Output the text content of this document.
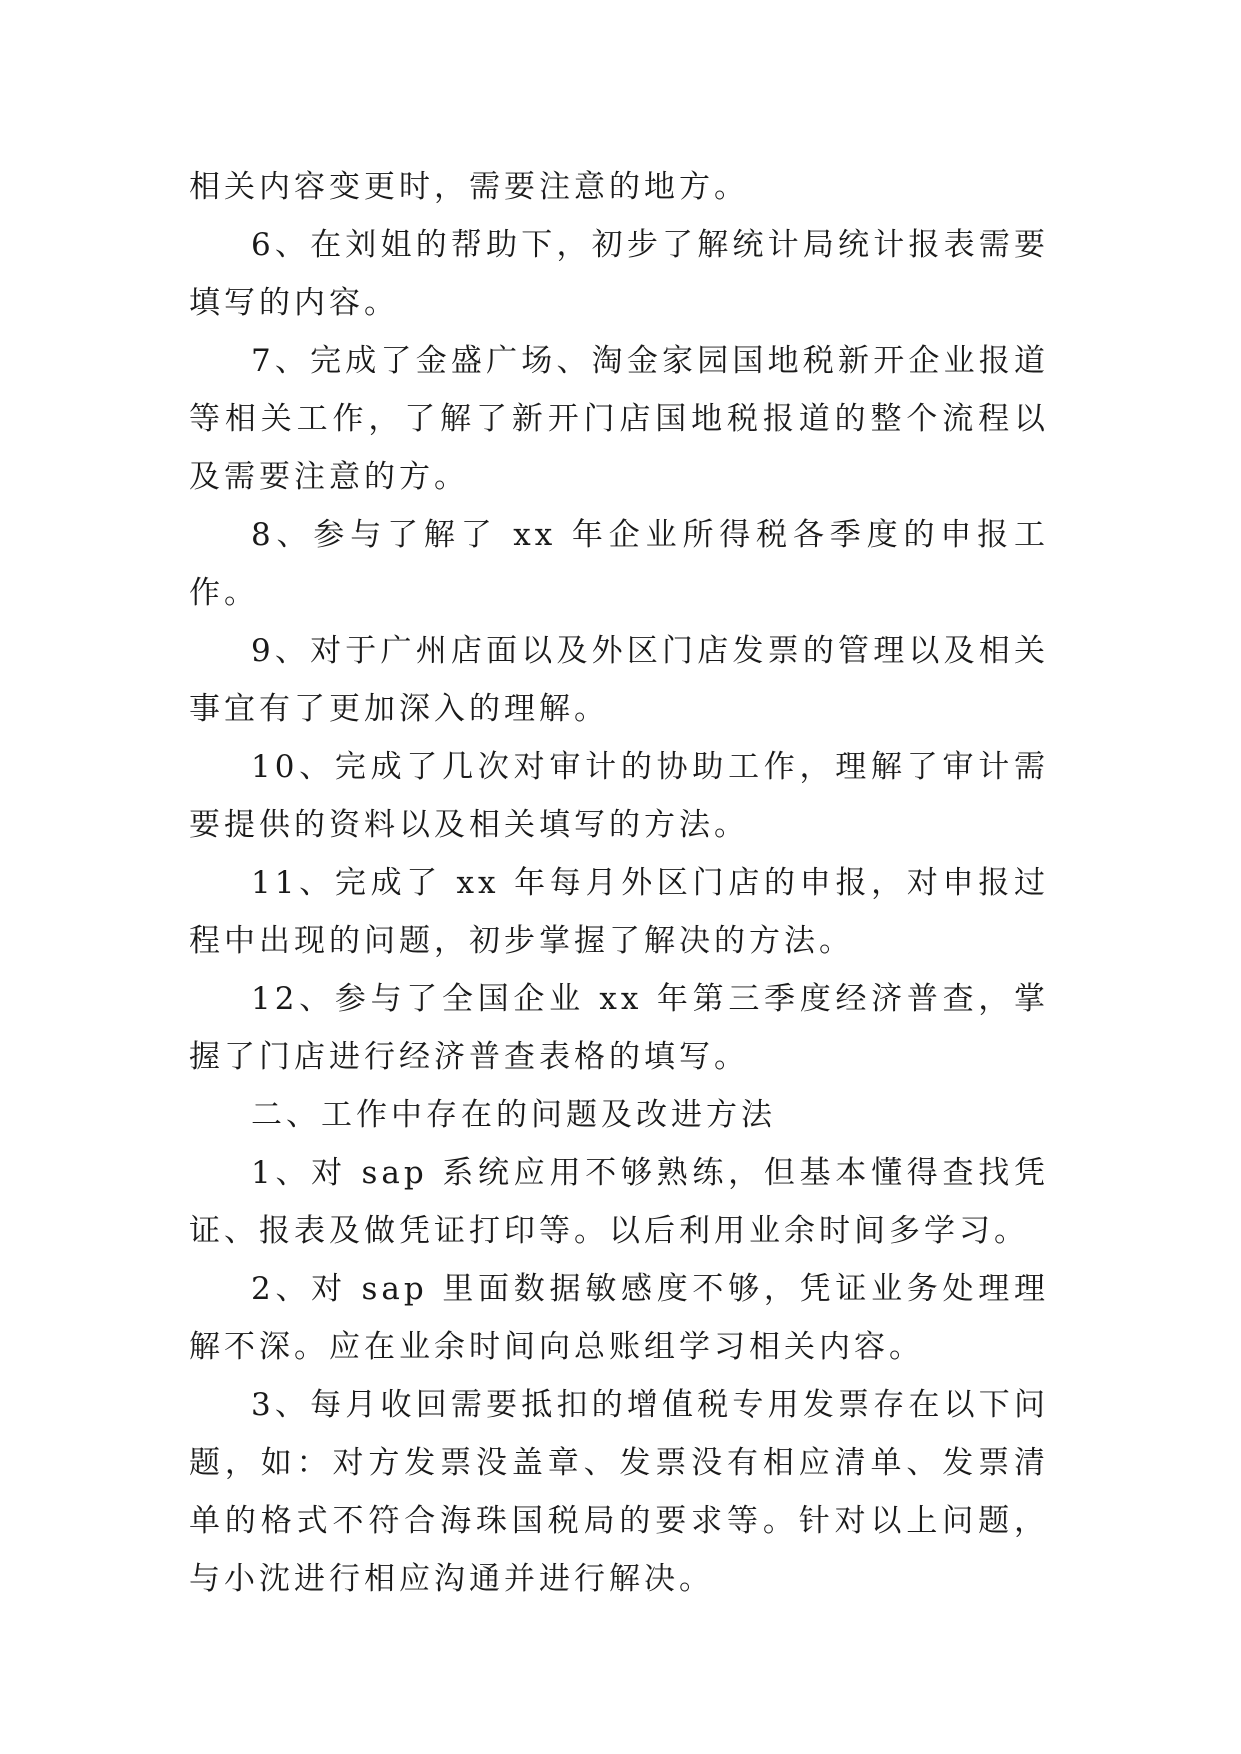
相关内容变更时，需要注意的地方。

6、在刘姐的帮助下，初步了解统计局统计报表需要填写的内容。

7、完成了金盛广场、淘金家园国地税新开企业报道等相关工作，了解了新开门店国地税报道的整个流程以及需要注意的方。

8、参与了解了 xx 年企业所得税各季度的申报工作。

9、对于广州店面以及外区门店发票的管理以及相关事宜有了更加深入的理解。

10、完成了几次对审计的协助工作，理解了审计需要提供的资料以及相关填写的方法。

11、完成了 xx 年每月外区门店的申报，对申报过程中出现的问题，初步掌握了解决的方法。

12、参与了全国企业 xx 年第三季度经济普查，掌握了门店进行经济普查表格的填写。

二、工作中存在的问题及改进方法

1、对 sap 系统应用不够熟练，但基本懂得查找凭证、报表及做凭证打印等。以后利用业余时间多学习。

2、对 sap 里面数据敏感度不够，凭证业务处理理解不深。应在业余时间向总账组学习相关内容。

3、每月收回需要抵扣的增值税专用发票存在以下问题，如：对方发票没盖章、发票没有相应清单、发票清单的格式不符合海珠国税局的要求等。针对以上问题，与小沈进行相应沟通并进行解决。
